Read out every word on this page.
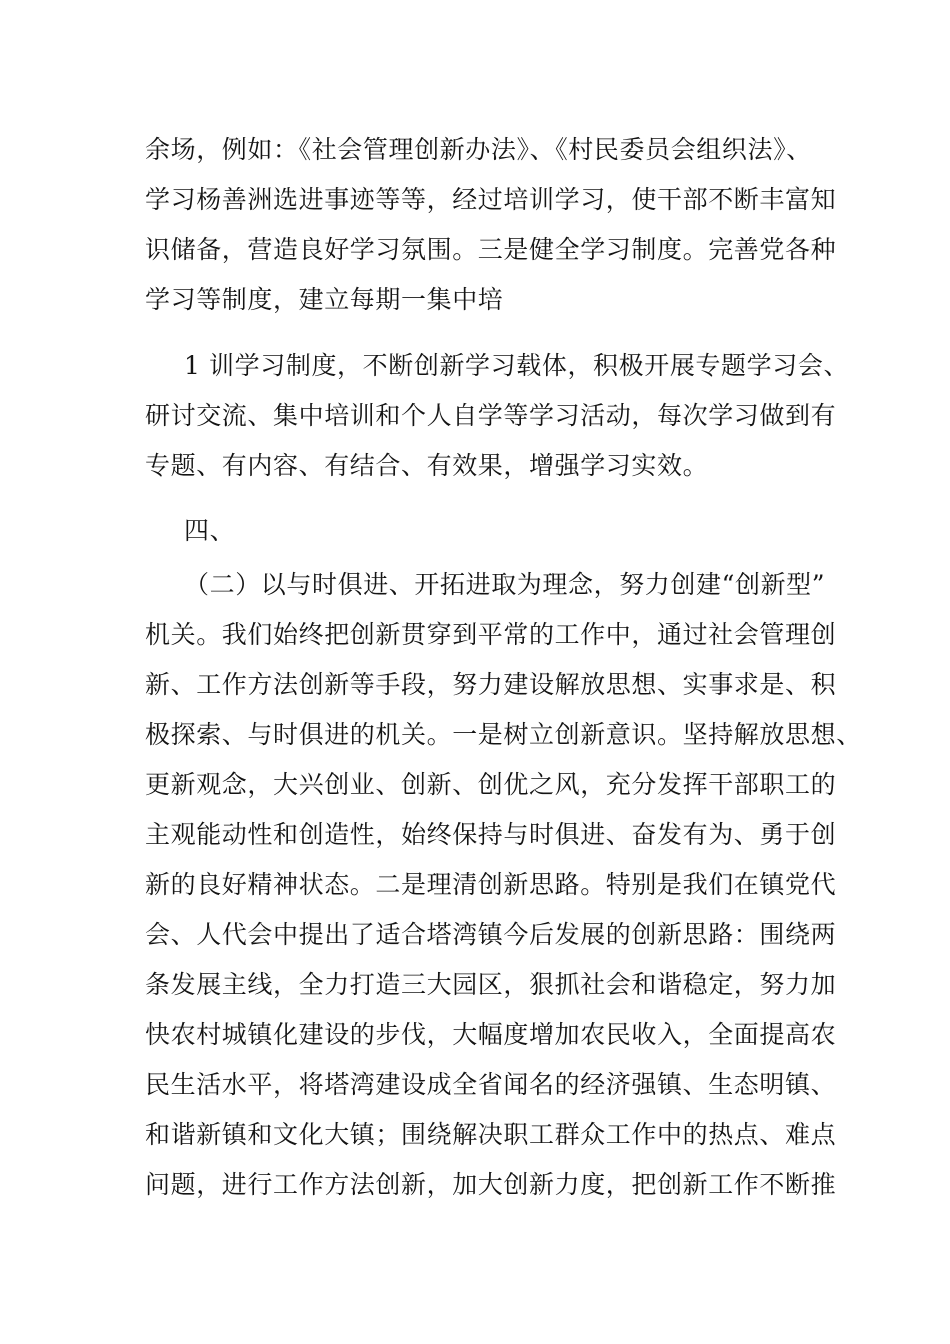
余场，例如：《社会管理创新办法》、《村民委员会组织法》、

学习杨善洲选进事迹等等，经过培训学习，使干部不断丰富知

识储备，营造良好学习氛围。三是健全学习制度。完善党各种

学习等制度，建立每期一集中培

1 训学习制度，不断创新学习载体，积极开展专题学习会、

研讨交流、集中培训和个人自学等学习活动，每次学习做到有

专题、有内容、有结合、有效果，增强学习实效。

四、

（二）以与时俱进、开拓进取为理念，努力创建“创新型”

机关。我们始终把创新贯穿到平常的工作中，通过社会管理创

新、工作方法创新等手段，努力建设解放思想、实事求是、积

极探索、与时俱进的机关。一是树立创新意识。坚持解放思想、

更新观念，大兴创业、创新、创优之风，充分发挥干部职工的

主观能动性和创造性，始终保持与时俱进、奋发有为、勇于创

新的良好精神状态。二是理清创新思路。特别是我们在镇党代

会、人代会中提出了适合塔湾镇今后发展的创新思路：围绕两

条发展主线，全力打造三大园区，狠抓社会和谐稳定，努力加

快农村城镇化建设的步伐，大幅度增加农民收入，全面提高农

民生活水平，将塔湾建设成全省闻名的经济强镇、生态明镇、

和谐新镇和文化大镇；围绕解决职工群众工作中的热点、难点

问题，进行工作方法创新，加大创新力度，把创新工作不断推
